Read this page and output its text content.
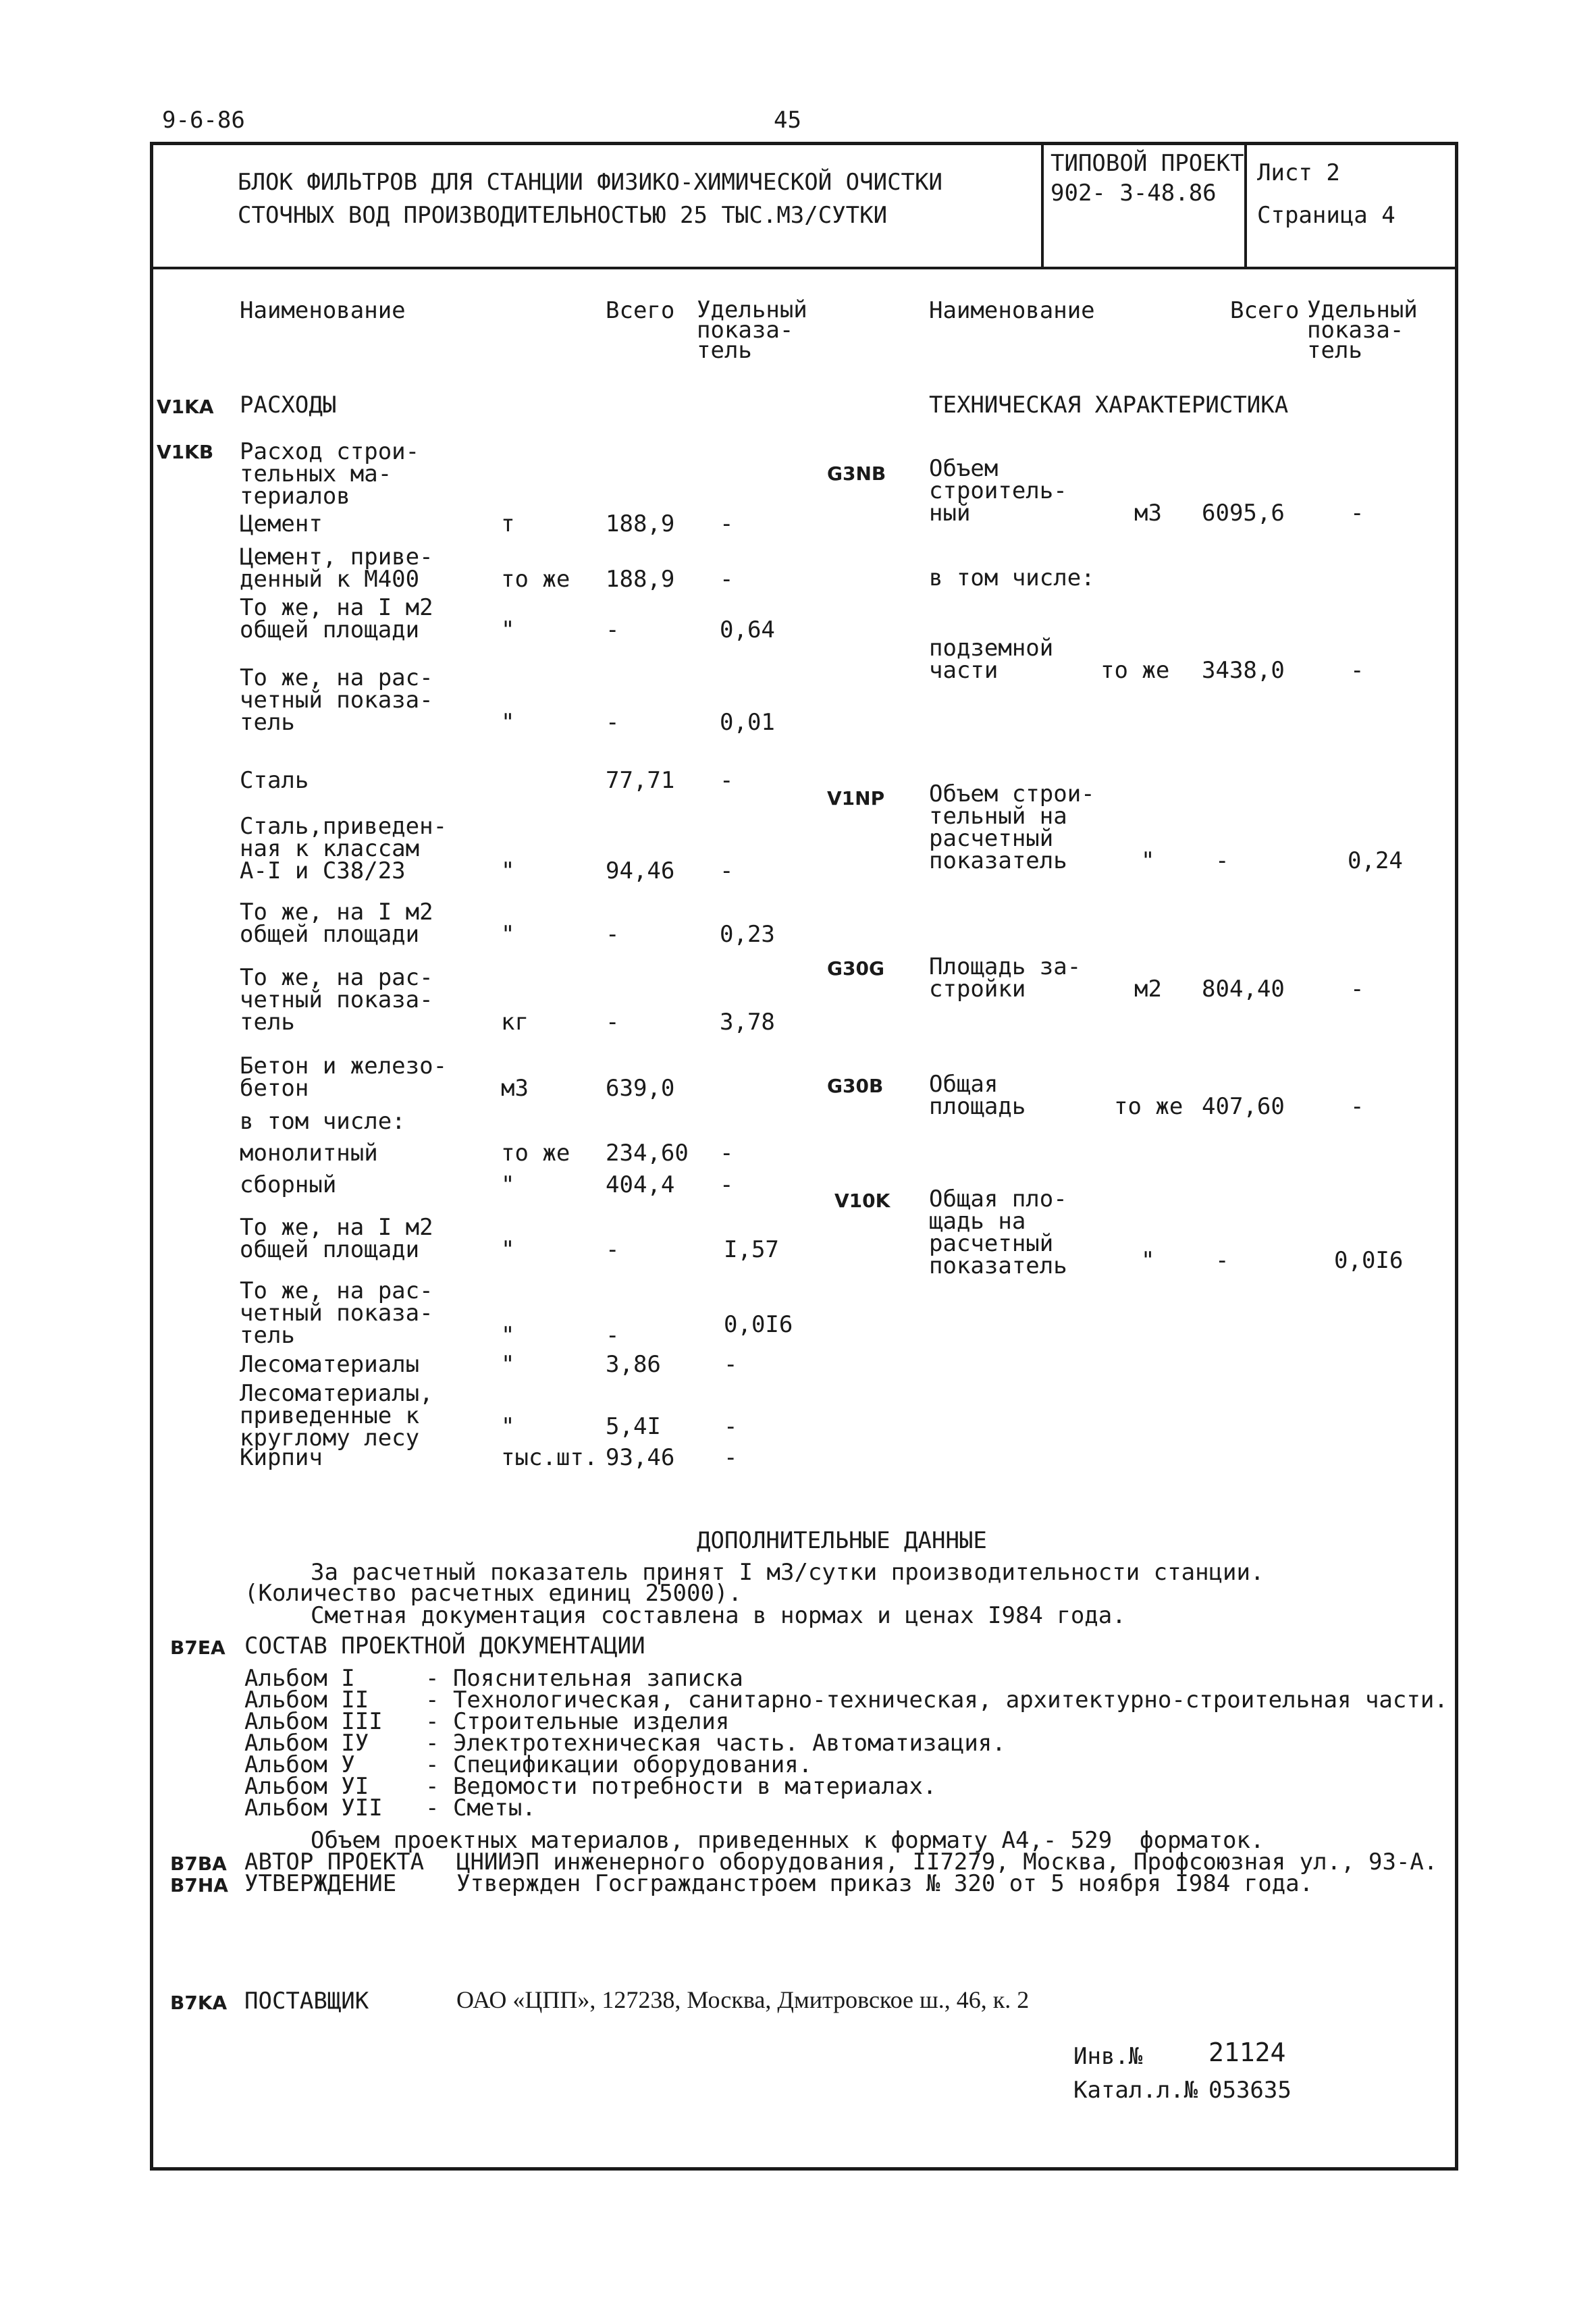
9-6-86	45
БЛОК ФИЛЬТРОВ ДЛЯ СТАНЦИИ ФИЗИКО-ХИМИЧЕСКОЙ ОЧИСТКИ
СТОЧНЫХ ВОД ПРОИЗВОДИТЕЛЬНОСТЬЮ 25 ТЫС.М3/СУТКИ
ТИПОВОЙ ПРОЕКТ
902- 3-48.86
Лист 2
Страница 4
Наименование	Всего Удельный
показа-
тель
Наименование	Всего Удельный
показа-
тель
V1KA РАСХОДЫ	ТЕХНИЧЕСКАЯ ХАРАКТЕРИСТИКА
V1KB Расход строи-
тельных ма-
териалов
Цемент	т	188,9 -
Цемент, приве-
денный к М400	то же 188,9 -
То же, на I м2
общей площади	"	-	0,64
То же, на рас-
четный показа-
тель	"	-	0,01
Сталь	77,71 -
Сталь,приведен-
ная к классам
А-I и С38/23	"	94,46 -
То же, на I м2
общей площади	"	-	0,23
То же, на рас-
четный показа-
тель	кг	-	3,78
Бетон и железо-
бетон	м3	639,0
в том числе:
монолитный	то же 234,60 -
сборный	"	404,4 -
То же, на I м2
общей площади	"	-	I,57
То же, на рас-
четный показа-
тель	"	-	0,0I6
Лесоматериалы	"	3,86	-
Лесоматериалы,
приведенные к
круглому лесу	"	5,4I	-
Кирпич	тыс.шт. 93,46 -
G3NB Объем
строитель-
ный	м3 6095,6	-
в том числе:
подземной
части	то же 3438,0	-
V1NP Объем строи-
тельный на
расчетный
показатель	"	-	0,24
G30G Площадь за-
стройки	м2 804,40	-
G30B Общая
площадь	то же 407,60	-
V10K Общая пло-
щадь на
расчетный
показатель	"	-	0,0I6
ДОПОЛНИТЕЛЬНЫЕ ДАННЫЕ
За расчетный показатель принят I м3/сутки производительности станции.
(Количество расчетных единиц 25000).
Сметная документация составлена в нормах и ценах I984 года.
B7EA СОСТАВ ПРОЕКТНОЙ ДОКУМЕНТАЦИИ
Альбом I	- Пояснительная записка
Альбом II - Технологическая, санитарно-техническая, архитектурно-строительная части.
Альбом III - Строительные изделия
Альбом IУ - Электротехническая часть. Автоматизация.
Альбом У	- Спецификации оборудования.
Альбом УI - Ведомости потребности в материалах.
Альбом УII - Сметы.
Объем проектных материалов, приведенных к формату А4,- 529  форматок.
B7BA АВТОР ПРОЕКТА ЦНИИЭП инженерного оборудования, II7279, Москва, Профсоюзная ул., 93-А.
B7HA УТВЕРЖДЕНИЕ	Утвержден Госгражданстроем приказ № 320 от 5 ноября I984 года.
B7KA ПОСТАВЩИК	ОАО «ЦПП», 127238, Москва, Дмитровское ш., 46, к. 2
Инв.№	21124
Катал.л.№ 053635
